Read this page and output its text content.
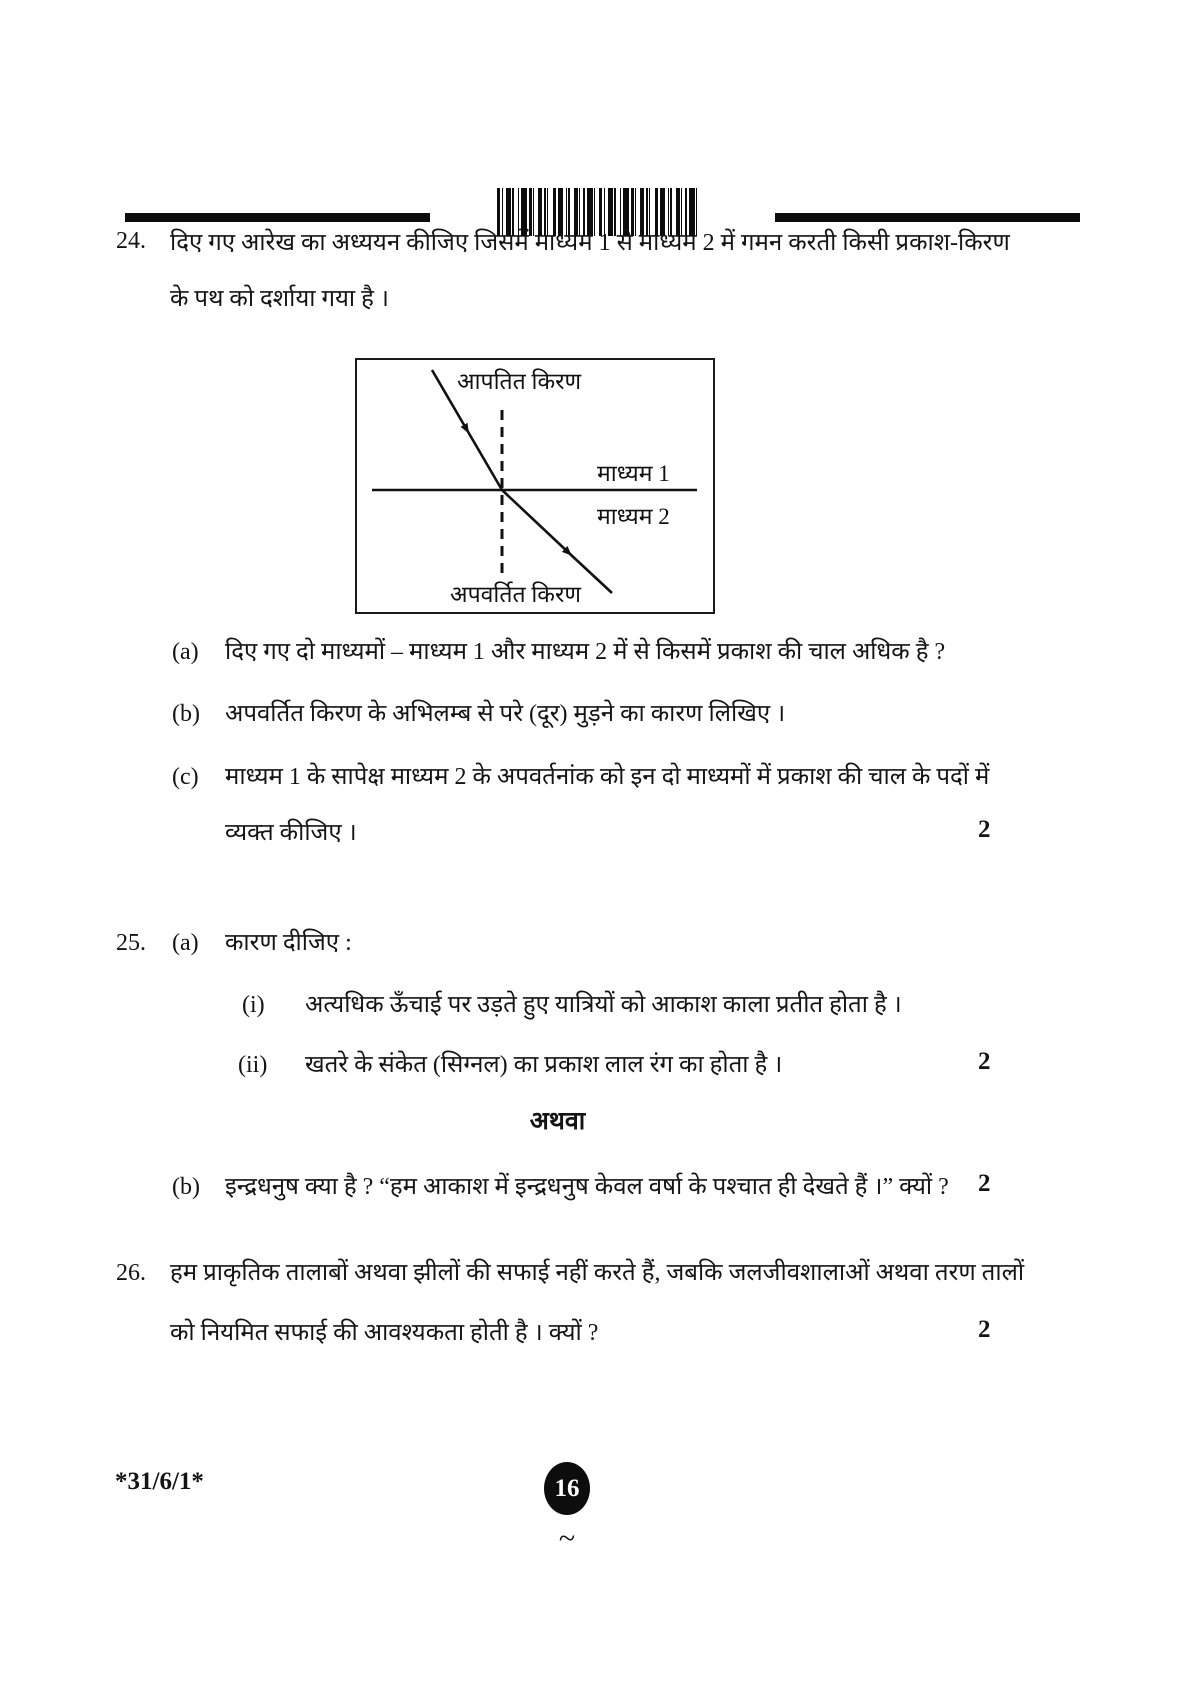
24. दिए गए आरेख का अध्ययन कीजिए जिसमें माध्यम 1 से माध्यम 2 में गमन करती किसी प्रकाश-किरण
के पथ को दर्शाया गया है ।
आपतित किरण
माध्यम 1
माध्यम 2
अपवर्तित किरण
(a) दिए गए दो माध्यमों – माध्यम 1 और माध्यम 2 में से किसमें प्रकाश की चाल अधिक है ?
(b) अपवर्तित किरण के अभिलम्ब से परे (दूर) मुड़ने का कारण लिखिए ।
(c) माध्यम 1 के सापेक्ष माध्यम 2 के अपवर्तनांक को इन दो माध्यमों में प्रकाश की चाल के पदों में
व्यक्त कीजिए ।	2
25. (a) कारण दीजिए :
(i) अत्यधिक ऊँचाई पर उड़ते हुए यात्रियों को आकाश काला प्रतीत होता है ।
(ii) खतरे के संकेत (सिग्नल) का प्रकाश लाल रंग का होता है ।	2
अथवा
(b) इन्द्रधनुष क्या है ? “हम आकाश में इन्द्रधनुष केवल वर्षा के पश्चात ही देखते हैं ।” क्यों ? 2
26. हम प्राकृतिक तालाबों अथवा झीलों की सफाई नहीं करते हैं, जबकि जलजीवशालाओं अथवा तरण तालों
को नियमित सफाई की आवश्यकता होती है । क्यों ?	2
*31/6/1*	16
~
